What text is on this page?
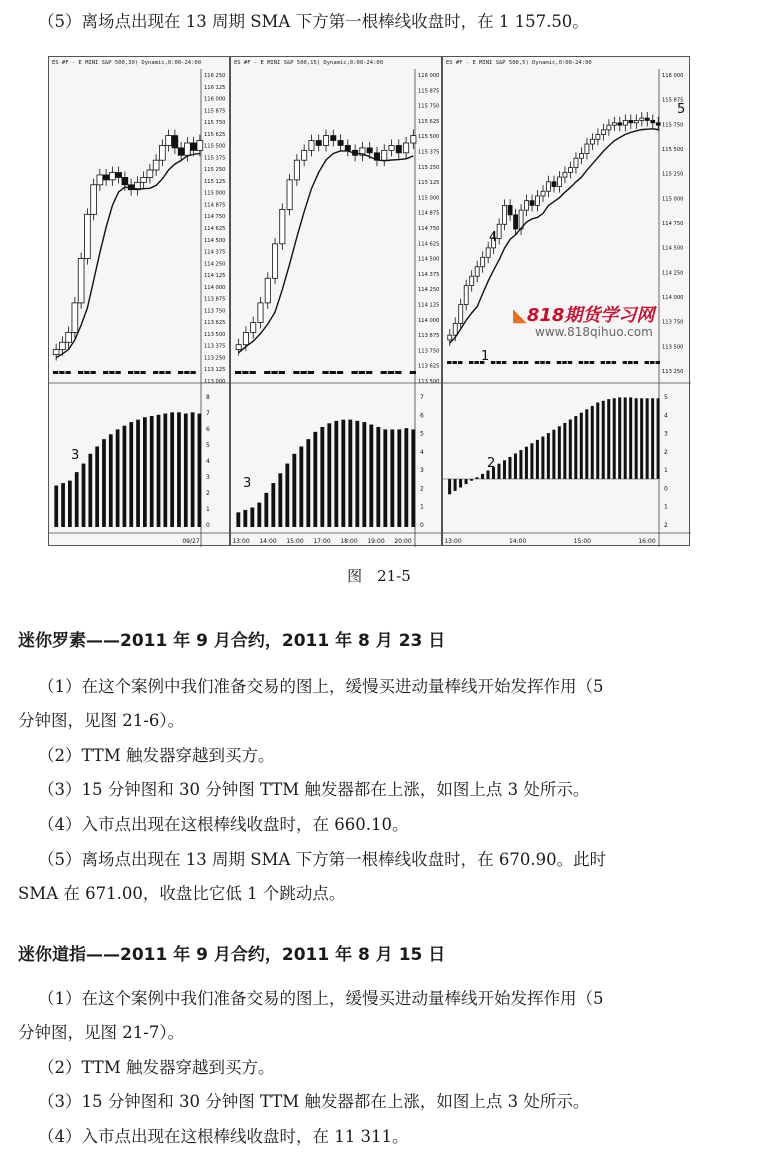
（5）离场点出现在 13 周期 SMA 下方第一根棒线收盘时，在 1 157.50。
ES #F - E MINI S&P 500,30) Dynamic,0:00-24:00
116 250
116 125
116 000
115 875
115 750
115 625
115 500
115 375
115 250
115 125
115 000
114 875
114 750
114 625
114 500
114 375
114 250
114 125
114 000
113 875
113 750
113 625
113 500
113 375
113 250
113 125
113 000
8
7
6
5
4
3
2
1
0
09/27
3
ES #F - E MINI S&P 500,15) Dynamic,0:00-24:00
116 000
115 875
115 750
115 625
115 500
115 375
115 250
115 125
115 000
114 875
114 750
114 625
114 500
114 375
114 250
114 125
114 000
113 875
113 750
113 625
113 500
7
6
5
4
3
2
1
0
13:00 14:00 15:00 17:00 18:00 19:00 20:00
3
ES #F - E MINI S&P 500,5) Dynamic,0:00-24:00
116 000
115 875
115 750
115 500
115 250
115 000
114 750
114 500
114 250
114 000
113 750
113 500
113 250
5
4
3
2
1
0
1
2
13:00	14:00	15:00	16:00
1
2
4
5
◣818期货学习网
www.818qihuo.com
图　21-5
迷你罗素——2011 年 9 月合约，2011 年 8 月 23 日
（1）在这个案例中我们准备交易的图上，缓慢买进动量棒线开始发挥作用（5
分钟图，见图 21-6）。
（2）TTM 触发器穿越到买方。
（3）15 分钟图和 30 分钟图 TTM 触发器都在上涨，如图上点 3 处所示。
（4）入市点出现在这根棒线收盘时，在 660.10。
（5）离场点出现在 13 周期 SMA 下方第一根棒线收盘时，在 670.90。此时
SMA 在 671.00，收盘比它低 1 个跳动点。
迷你道指——2011 年 9 月合约，2011 年 8 月 15 日
（1）在这个案例中我们准备交易的图上，缓慢买进动量棒线开始发挥作用（5
分钟图，见图 21-7）。
（2）TTM 触发器穿越到买方。
（3）15 分钟图和 30 分钟图 TTM 触发器都在上涨，如图上点 3 处所示。
（4）入市点出现在这根棒线收盘时，在 11 311。
